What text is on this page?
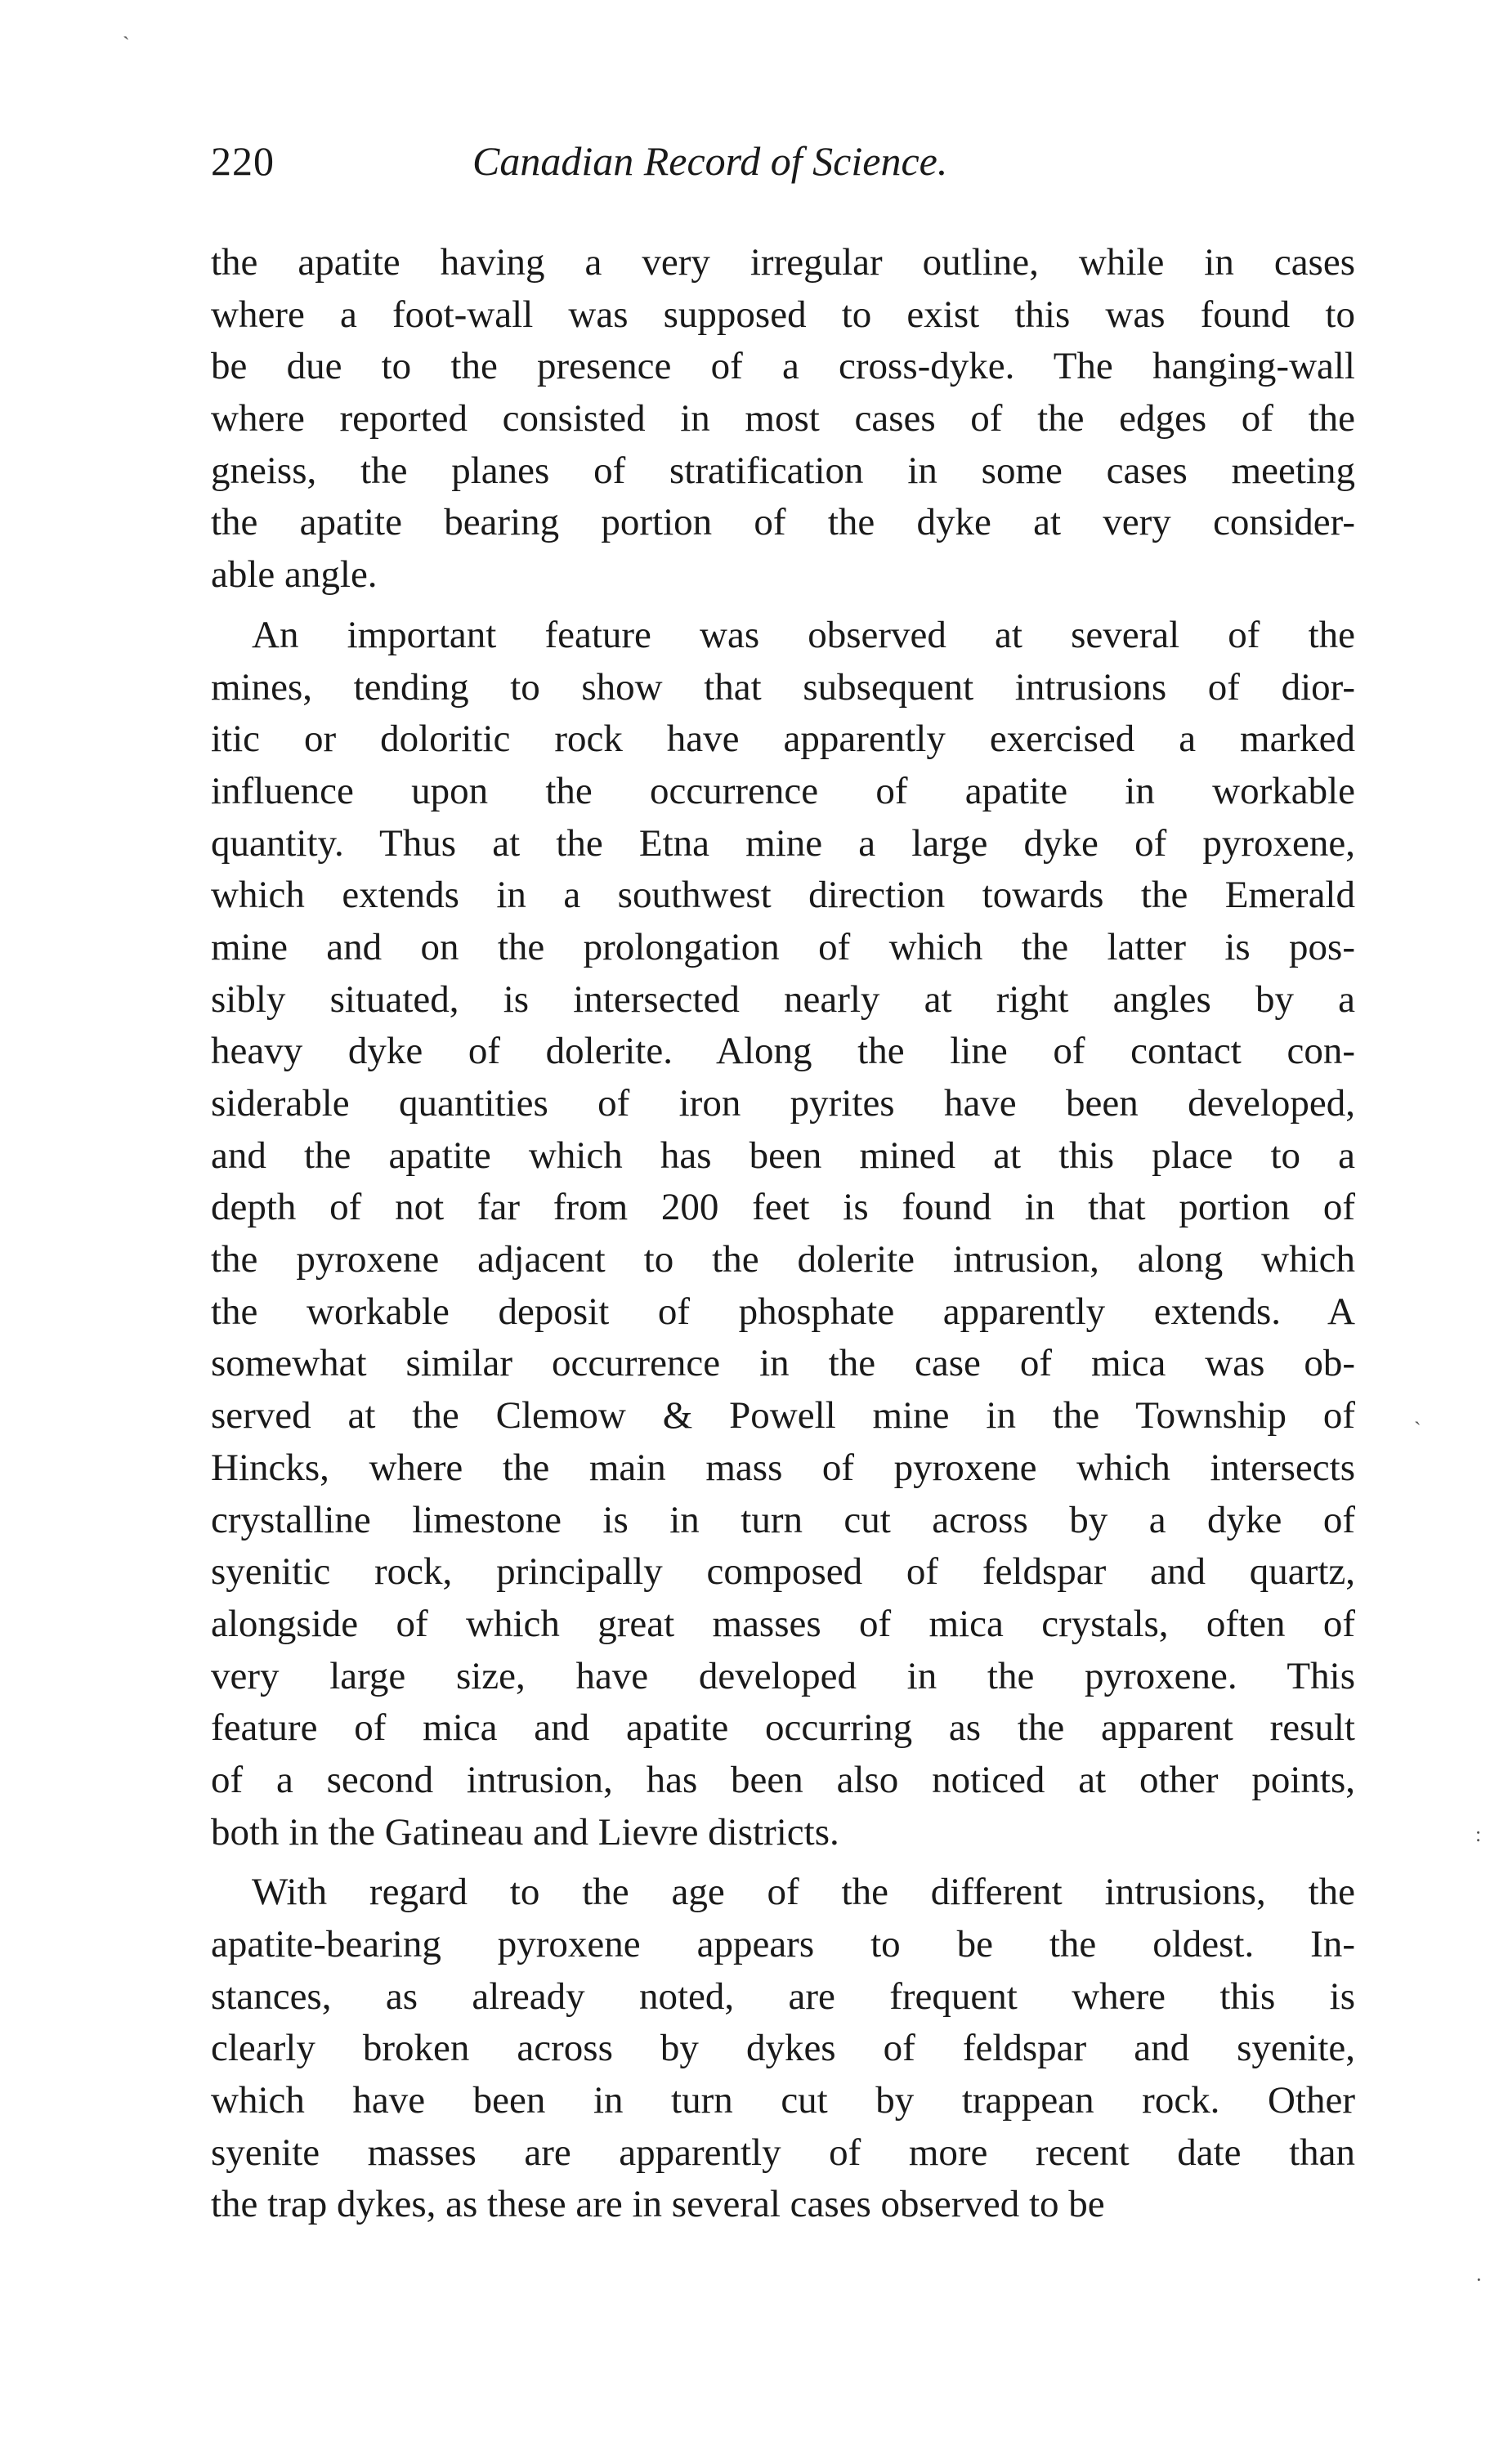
220	Canadian Record of Science.
the apatite having a very irregular outline, while in cases
where a foot-wall was supposed to exist this was found to
be due to the presence of a cross-dyke. The hanging-wall
where reported consisted in most cases of the edges of the
gneiss, the planes of stratification in some cases meeting
the apatite bearing portion of the dyke at very consider-
able angle.
An important feature was observed at several of the
mines, tending to show that subsequent intrusions of dior-
itic or doloritic rock have apparently exercised a marked
influence upon the occurrence of apatite in workable
quantity. Thus at the Etna mine a large dyke of pyroxene,
which extends in a southwest direction towards the Emerald
mine and on the prolongation of which the latter is pos-
sibly situated, is intersected nearly at right angles by a
heavy dyke of dolerite. Along the line of contact con-
siderable quantities of iron pyrites have been developed,
and the apatite which has been mined at this place to a
depth of not far from 200 feet is found in that portion of
the pyroxene adjacent to the dolerite intrusion, along which
the workable deposit of phosphate apparently extends. A
somewhat similar occurrence in the case of mica was ob-
served at the Clemow & Powell mine in the Township of
Hincks, where the main mass of pyroxene which intersects
crystalline limestone is in turn cut across by a dyke of
syenitic rock, principally composed of feldspar and quartz,
alongside of which great masses of mica crystals, often of
very large size, have developed in the pyroxene. This
feature of mica and apatite occurring as the apparent result
of a second intrusion, has been also noticed at other points,
both in the Gatineau and Lievre districts.
With regard to the age of the different intrusions, the
apatite-bearing pyroxene appears to be the oldest. In-
stances, as already noted, are frequent where this is
clearly broken across by dykes of feldspar and syenite,
which have been in turn cut by trappean rock. Other
syenite masses are apparently of more recent date than
the trap dykes, as these are in several cases observed to be
ˋ
ˋ
:
·
